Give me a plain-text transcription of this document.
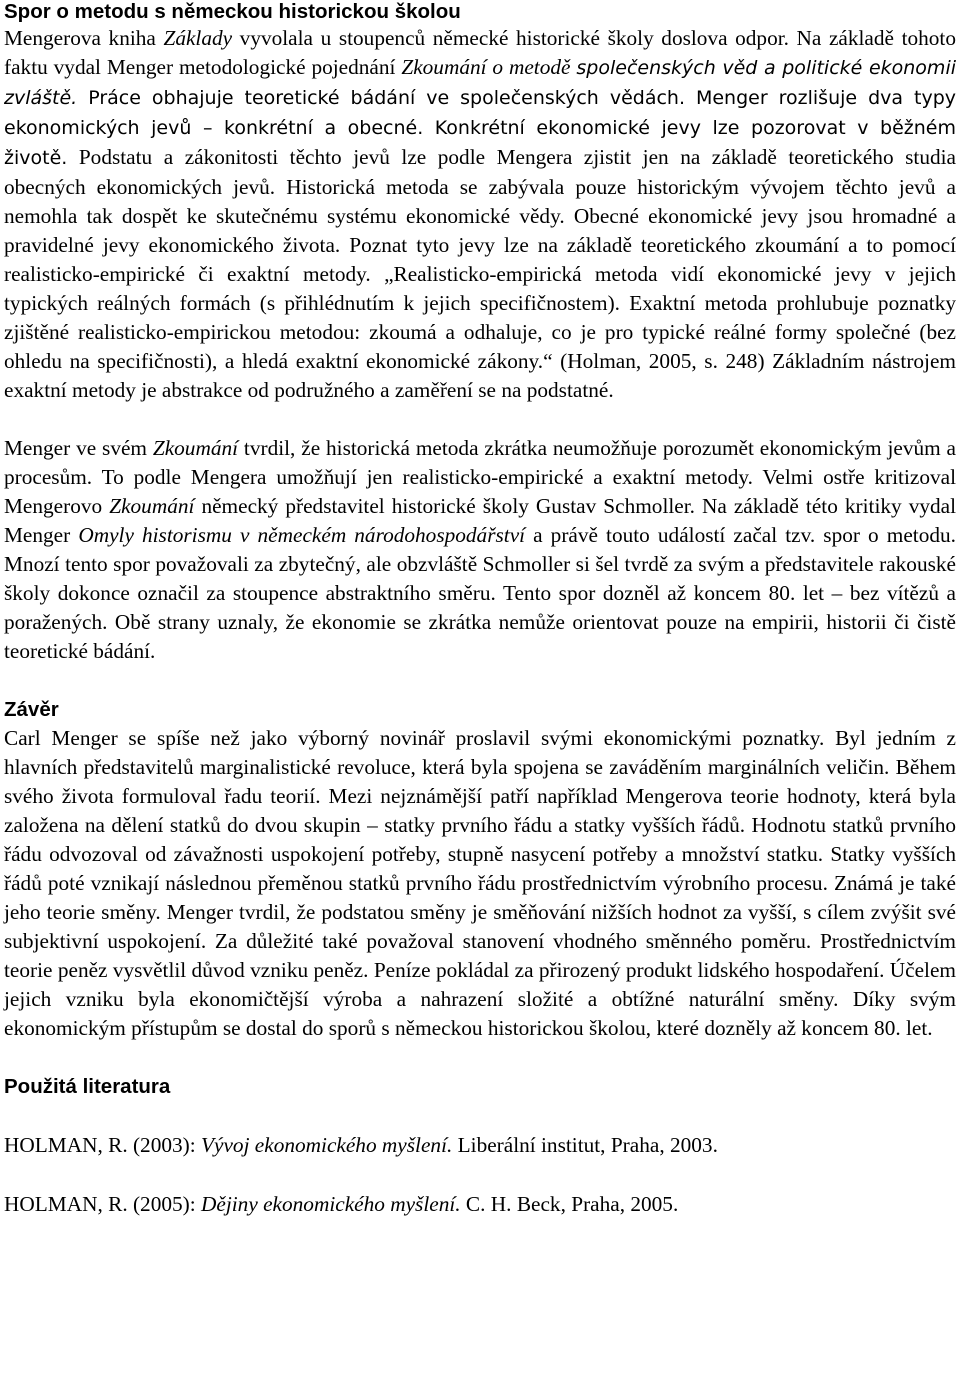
Spor o metodu s německou historickou školou

Mengerova kniha Základy vyvolala u stoupenců německé historické školy doslova odpor. Na základě tohoto faktu vydal Menger metodologické pojednání Zkoumání o metodě společenských věd a politické ekonomii zvláště. Práce obhajuje teoretické bádání ve společenských vědách. Menger rozlišuje dva typy ekonomických jevů – konkrétní a obecné. Konkrétní ekonomické jevy lze pozorovat v běžném životě. Podstatu a zákonitosti těchto jevů lze podle Mengera zjistit jen na základě teoretického studia obecných ekonomických jevů. Historická metoda se zabývala pouze historickým vývojem těchto jevů a nemohla tak dospět ke skutečnému systému ekonomické vědy. Obecné ekonomické jevy jsou hromadné a pravidelné jevy ekonomického života. Poznat tyto jevy lze na základě teoretického zkoumání a to pomocí realisticko-empirické či exaktní metody. „Realisticko-empirická metoda vidí ekonomické jevy v jejich typických reálných formách (s přihlédnutím k jejich specifičnostem). Exaktní metoda prohlubuje poznatky zjištěné realisticko-empirickou metodou: zkoumá a odhaluje, co je pro typické reálné formy společné (bez ohledu na specifičnosti), a hledá exaktní ekonomické zákony.“ (Holman, 2005, s. 248) Základním nástrojem exaktní metody je abstrakce od podružného a zaměření se na podstatné.

Menger ve svém Zkoumání tvrdil, že historická metoda zkrátka neumožňuje porozumět ekonomickým jevům a procesům. To podle Mengera umožňují jen realisticko-empirické a exaktní metody. Velmi ostře kritizoval Mengerovo Zkoumání německý představitel historické školy Gustav Schmoller. Na základě této kritiky vydal Menger Omyly historismu v německém národohospodářství a právě touto událostí začal tzv. spor o metodu. Mnozí tento spor považovali za zbytečný, ale obzvláště Schmoller si šel tvrdě za svým a představitele rakouské školy dokonce označil za stoupence abstraktního směru. Tento spor dozněl až koncem 80. let – bez vítězů a poražených. Obě strany uznaly, že ekonomie se zkrátka nemůže orientovat pouze na empirii, historii či čistě teoretické bádání.

Závěr

Carl Menger se spíše než jako výborný novinář proslavil svými ekonomickými poznatky. Byl jedním z hlavních představitelů marginalistické revoluce, která byla spojena se zaváděním marginálních veličin. Během svého života formuloval řadu teorií. Mezi nejznámější patří například Mengerova teorie hodnoty, která byla založena na dělení statků do dvou skupin – statky prvního řádu a statky vyšších řádů. Hodnotu statků prvního řádu odvozoval od závažnosti uspokojení potřeby, stupně nasycení potřeby a množství statku. Statky vyšších řádů poté vznikají následnou přeměnou statků prvního řádu prostřednictvím výrobního procesu. Známá je také jeho teorie směny. Menger tvrdil, že podstatou směny je směňování nižších hodnot za vyšší, s cílem zvýšit své subjektivní uspokojení. Za důležité také považoval stanovení vhodného směnného poměru. Prostřednictvím teorie peněz vysvětlil důvod vzniku peněz. Peníze pokládal za přirozený produkt lidského hospodaření. Účelem jejich vzniku byla ekonomičtější výroba a nahrazení složité a obtížné naturální směny. Díky svým ekonomickým přístupům se dostal do sporů s německou historickou školou, které dozněly až koncem 80. let.

Použitá literatura

HOLMAN, R. (2003): Vývoj ekonomického myšlení. Liberální institut, Praha, 2003.

HOLMAN, R. (2005): Dějiny ekonomického myšlení. C. H. Beck, Praha, 2005.
